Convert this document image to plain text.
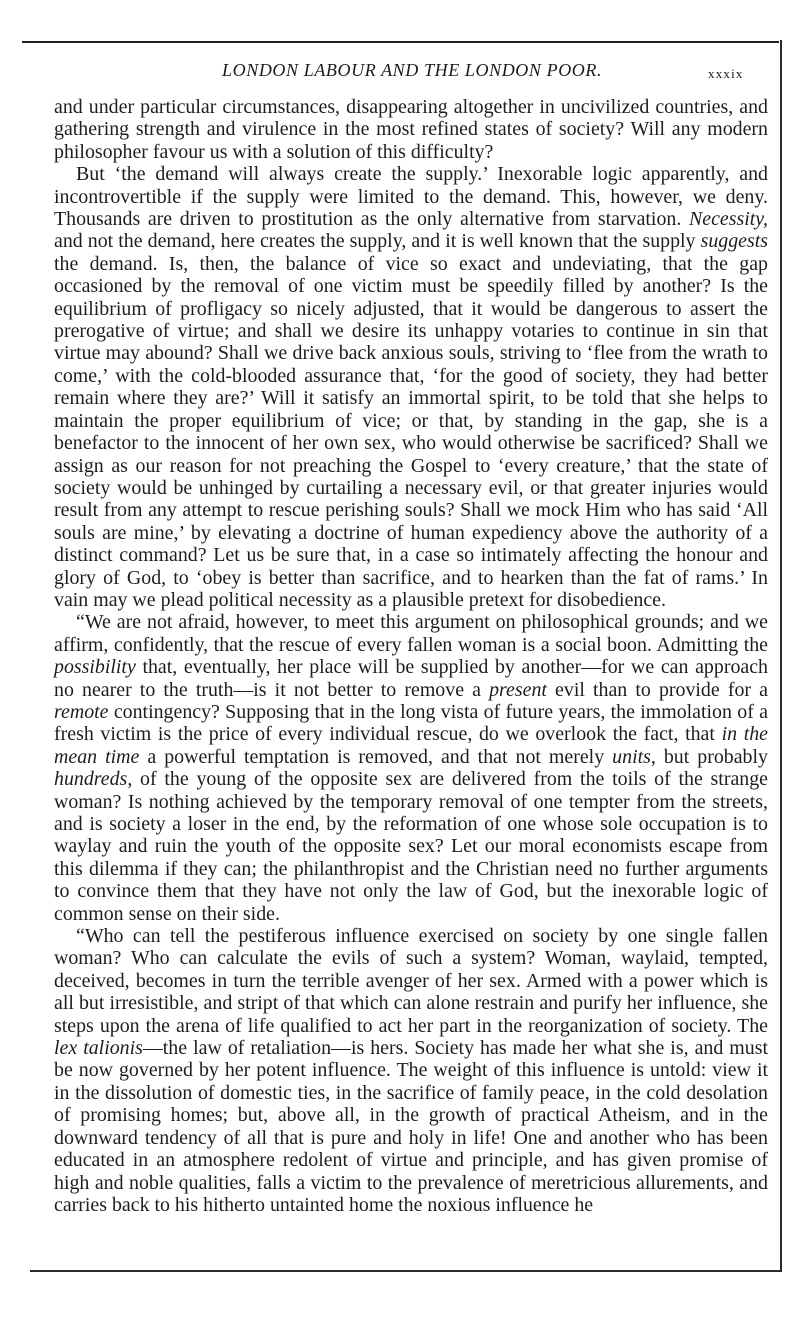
LONDON LABOUR AND THE LONDON POOR.	xxxix

and under particular circumstances, disappearing altogether in uncivilized countries, and gathering strength and virulence in the most refined states of society? Will any modern philosopher favour us with a solution of this difficulty?

But ‘the demand will always create the supply.’ Inexorable logic apparently, and incontrovertible if the supply were limited to the demand. This, however, we deny. Thousands are driven to prostitution as the only alternative from starvation. Necessity, and not the demand, here creates the supply, and it is well known that the supply suggests the demand. Is, then, the balance of vice so exact and undeviating, that the gap occasioned by the removal of one victim must be speedily filled by another? Is the equilibrium of profligacy so nicely adjusted, that it would be dangerous to assert the prerogative of virtue; and shall we desire its unhappy votaries to continue in sin that virtue may abound? Shall we drive back anxious souls, striving to ‘flee from the wrath to come,’ with the cold-blooded assurance that, ‘for the good of society, they had better remain where they are?’ Will it satisfy an immortal spirit, to be told that she helps to maintain the proper equilibrium of vice; or that, by standing in the gap, she is a benefactor to the innocent of her own sex, who would otherwise be sacrificed? Shall we assign as our reason for not preaching the Gospel to ‘every creature,’ that the state of society would be unhinged by curtailing a necessary evil, or that greater injuries would result from any attempt to rescue perishing souls? Shall we mock Him who has said ‘All souls are mine,’ by elevating a doctrine of human expediency above the authority of a distinct command? Let us be sure that, in a case so intimately affecting the honour and glory of God, to ‘obey is better than sacrifice, and to hearken than the fat of rams.’ In vain may we plead political necessity as a plausible pretext for disobedience.

“We are not afraid, however, to meet this argument on philosophical grounds; and we affirm, confidently, that the rescue of every fallen woman is a social boon. Admitting the possibility that, eventually, her place will be supplied by another—for we can approach no nearer to the truth—is it not better to remove a present evil than to provide for a remote contingency? Supposing that in the long vista of future years, the immolation of a fresh victim is the price of every individual rescue, do we overlook the fact, that in the mean time a powerful temptation is removed, and that not merely units, but probably hundreds, of the young of the opposite sex are delivered from the toils of the strange woman? Is nothing achieved by the temporary removal of one tempter from the streets, and is society a loser in the end, by the reformation of one whose sole occupation is to waylay and ruin the youth of the opposite sex? Let our moral economists escape from this dilemma if they can; the philanthropist and the Christian need no further arguments to convince them that they have not only the law of God, but the inexorable logic of common sense on their side.

“Who can tell the pestiferous influence exercised on society by one single fallen woman? Who can calculate the evils of such a system? Woman, waylaid, tempted, deceived, becomes in turn the terrible avenger of her sex. Armed with a power which is all but irresistible, and stript of that which can alone restrain and purify her influence, she steps upon the arena of life qualified to act her part in the reorganization of society. The lex talionis—the law of retaliation—is hers. Society has made her what she is, and must be now governed by her potent influence. The weight of this influence is untold: view it in the dissolution of domestic ties, in the sacrifice of family peace, in the cold desolation of promising homes; but, above all, in the growth of practical Atheism, and in the downward tendency of all that is pure and holy in life! One and another who has been educated in an atmosphere redolent of virtue and principle, and has given promise of high and noble qualities, falls a victim to the prevalence of meretricious allurements, and carries back to his hitherto untainted home the noxious influence he
